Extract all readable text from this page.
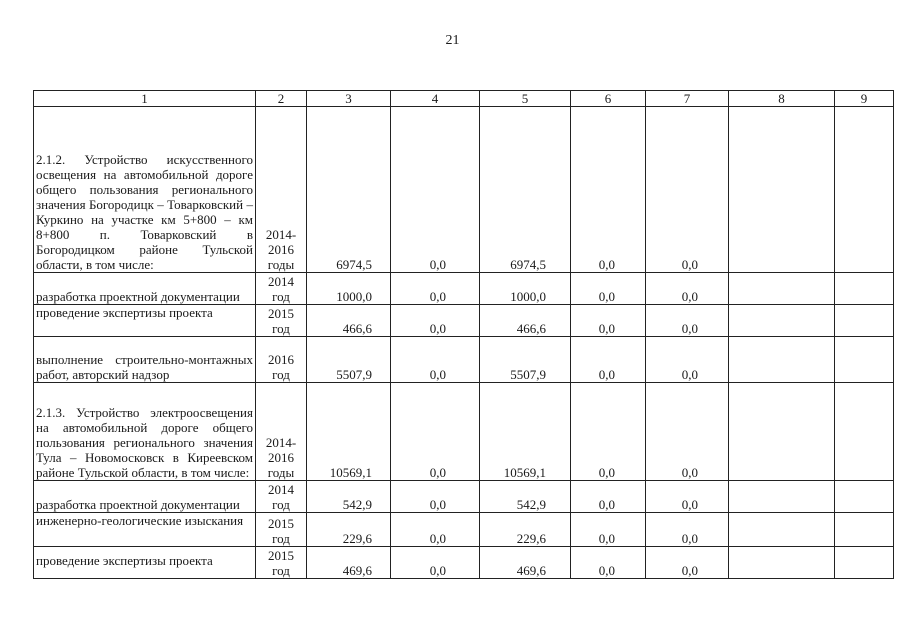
21
1	2	3	4	5	6	7	8	9
2.1.2. Устройство искусственного освещения на автомобильной дороге общего пользования регионального значения Богородицк – Товарковский – Куркино на участке км 5+800 – км 8+800 п. Товарковский в Богородицком районе Тульской области, в том числе:	2014-2016 годы	6974,5	0,0	6974,5	0,0	0,0		
разработка проектной документации	2014 год	1000,0	0,0	1000,0	0,0	0,0		
проведение экспертизы проекта	2015 год	466,6	0,0	466,6	0,0	0,0		
выполнение строительно-монтажных работ, авторский надзор	2016 год	5507,9	0,0	5507,9	0,0	0,0		
2.1.3. Устройство электроосвещения на автомобильной дороге общего пользования регионального значения Тула – Новомосковск в Киреевском районе Тульской области, в том числе:	2014-2016 годы	10569,1	0,0	10569,1	0,0	0,0		
разработка проектной документации	2014 год	542,9	0,0	542,9	0,0	0,0		
инженерно-геологические изыскания	2015 год	229,6	0,0	229,6	0,0	0,0		
проведение экспертизы проекта	2015 год	469,6	0,0	469,6	0,0	0,0		
